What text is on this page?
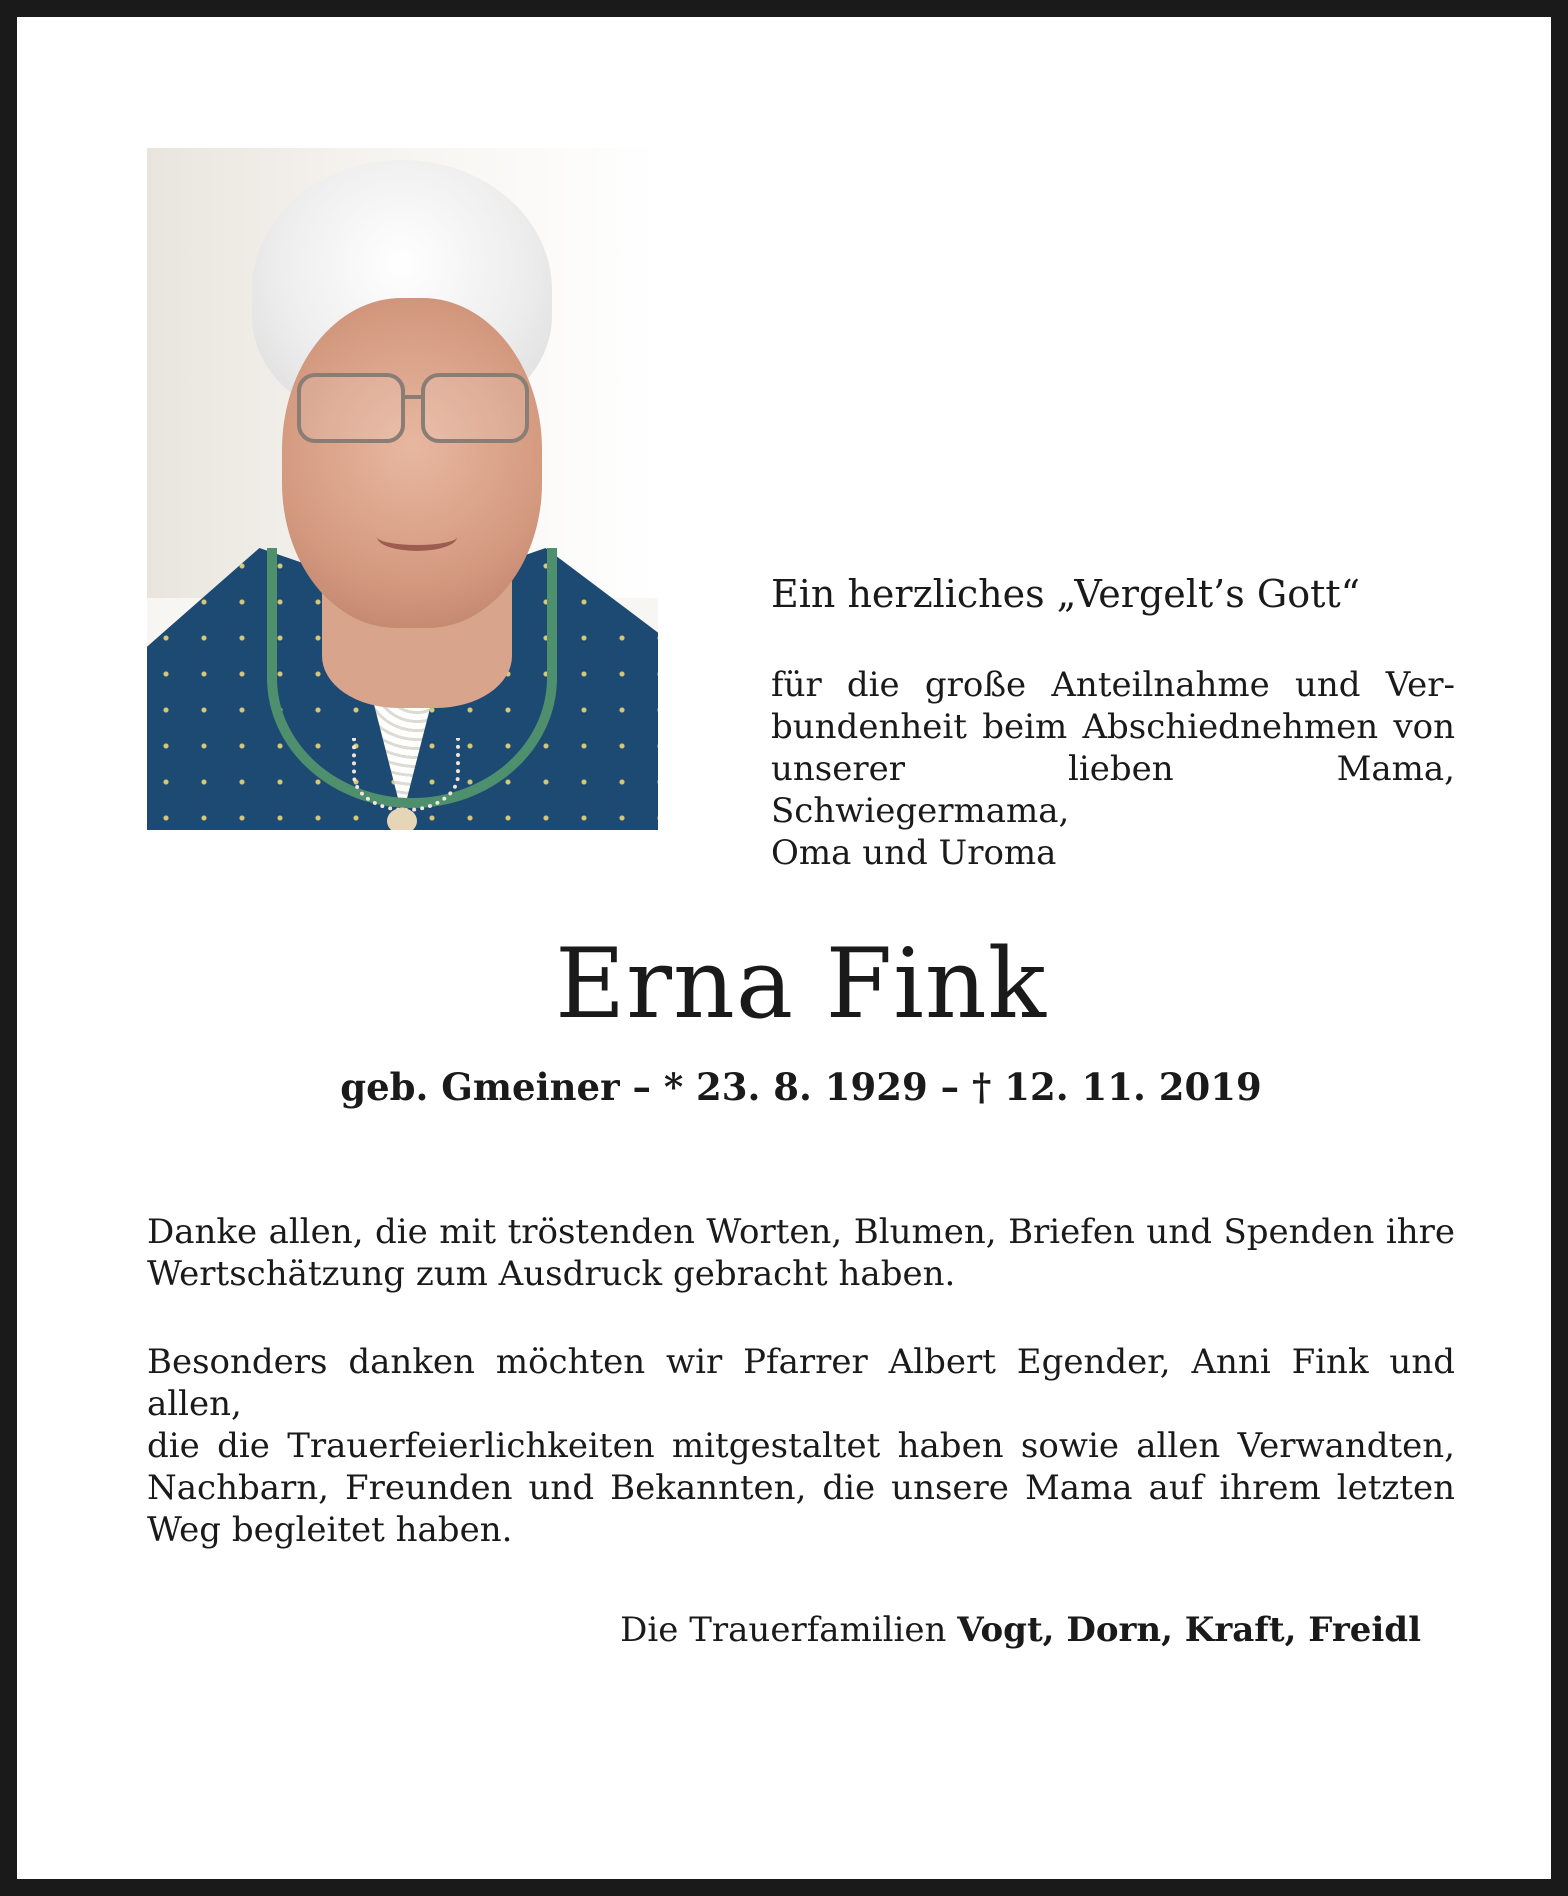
Ein herzliches „Vergelt’s Gott“

für die große Anteilnahme und Ver-
bundenheit beim Abschiednehmen von
unserer lieben Mama, Schwiegermama,
Oma und Uroma

Erna Fink

geb. Gmeiner – * 23. 8. 1929 – † 12. 11. 2019

Danke allen, die mit tröstenden Worten, Blumen, Briefen und Spenden ihre
Wertschätzung zum Ausdruck gebracht haben.

Besonders danken möchten wir Pfarrer Albert Egender, Anni Fink und allen,
die die Trauerfeierlichkeiten mitgestaltet haben sowie allen Verwandten,
Nachbarn, Freunden und Bekannten, die unsere Mama auf ihrem letzten
Weg begleitet haben.

Die Trauerfamilien Vogt, Dorn, Kraft, Freidl
